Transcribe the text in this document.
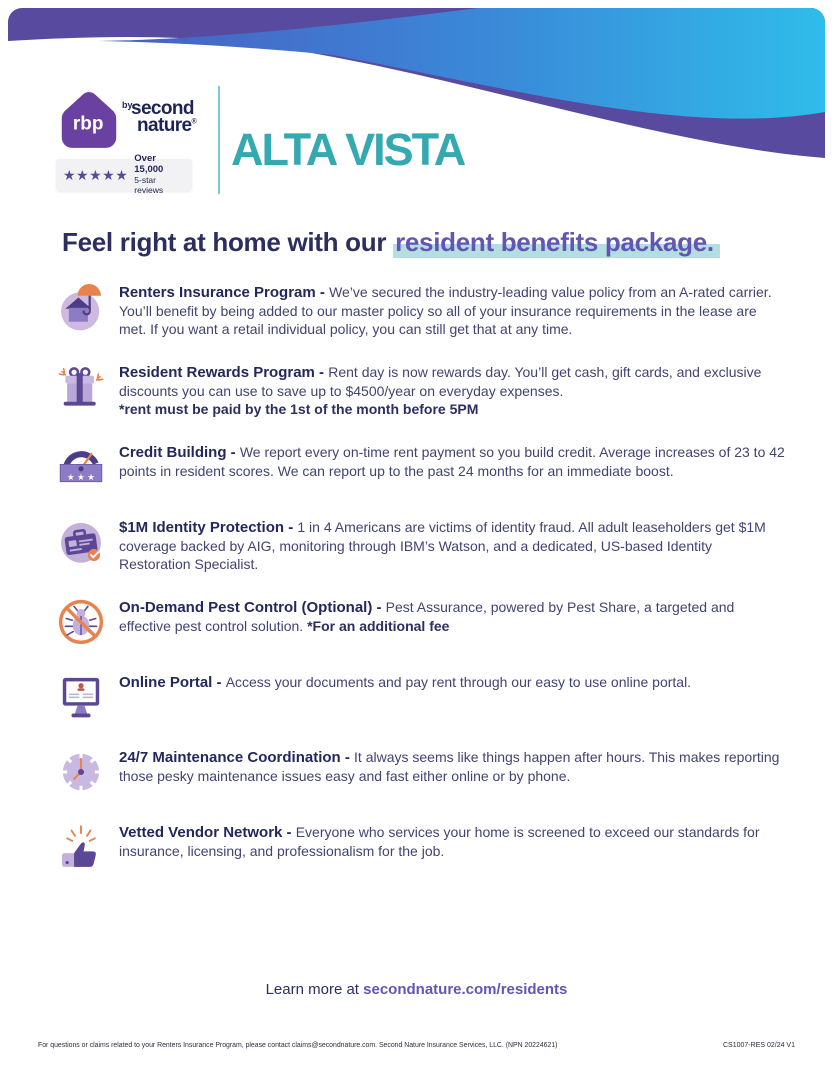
rbp
by
second
nature®
★★★★★
Over 15,000
5-star reviews
ALTA VISTA
Feel right at home with our resident benefits package.

Renters Insurance Program - We’ve secured the industry-leading value policy from an A-rated carrier. You’ll benefit by being added to our master policy so all of your insurance requirements in the lease are met. If you want a retail individual policy, you can still get that at any time.

Resident Rewards Program - Rent day is now rewards day. You’ll get cash, gift cards, and exclusive discounts you can use to save up to $4500/year on everyday expenses.
*rent must be paid by the 1st of the month before 5PM

★ ★ ★

Credit Building - We report every on-time rent payment so you build credit. Average increases of 23 to 42 points in resident scores. We can report up to the past 24 months for an immediate boost.

$1M Identity Protection - 1 in 4 Americans are victims of identity fraud. All adult leaseholders get $1M coverage backed by AIG, monitoring through IBM’s Watson, and a dedicated, US-based Identity Restoration Specialist.

On-Demand Pest Control (Optional) - Pest Assurance, powered by Pest Share, a targeted and effective pest control solution. *For an additional fee

Online Portal - Access your documents and pay rent through our easy to use online portal.

24/7 Maintenance Coordination - It always seems like things happen after hours. This makes reporting those pesky maintenance issues easy and fast either online or by phone.

Vetted Vendor Network - Everyone who services your home is screened to exceed our standards for insurance, licensing, and professionalism for the job.

Learn more at secondnature.com/residents
For questions or claims related to your Renters Insurance Program, please contact claims@secondnature.com. Second Nature Insurance Services, LLC. (NPN 20224621)	CS1007-RES 02/24 V1
